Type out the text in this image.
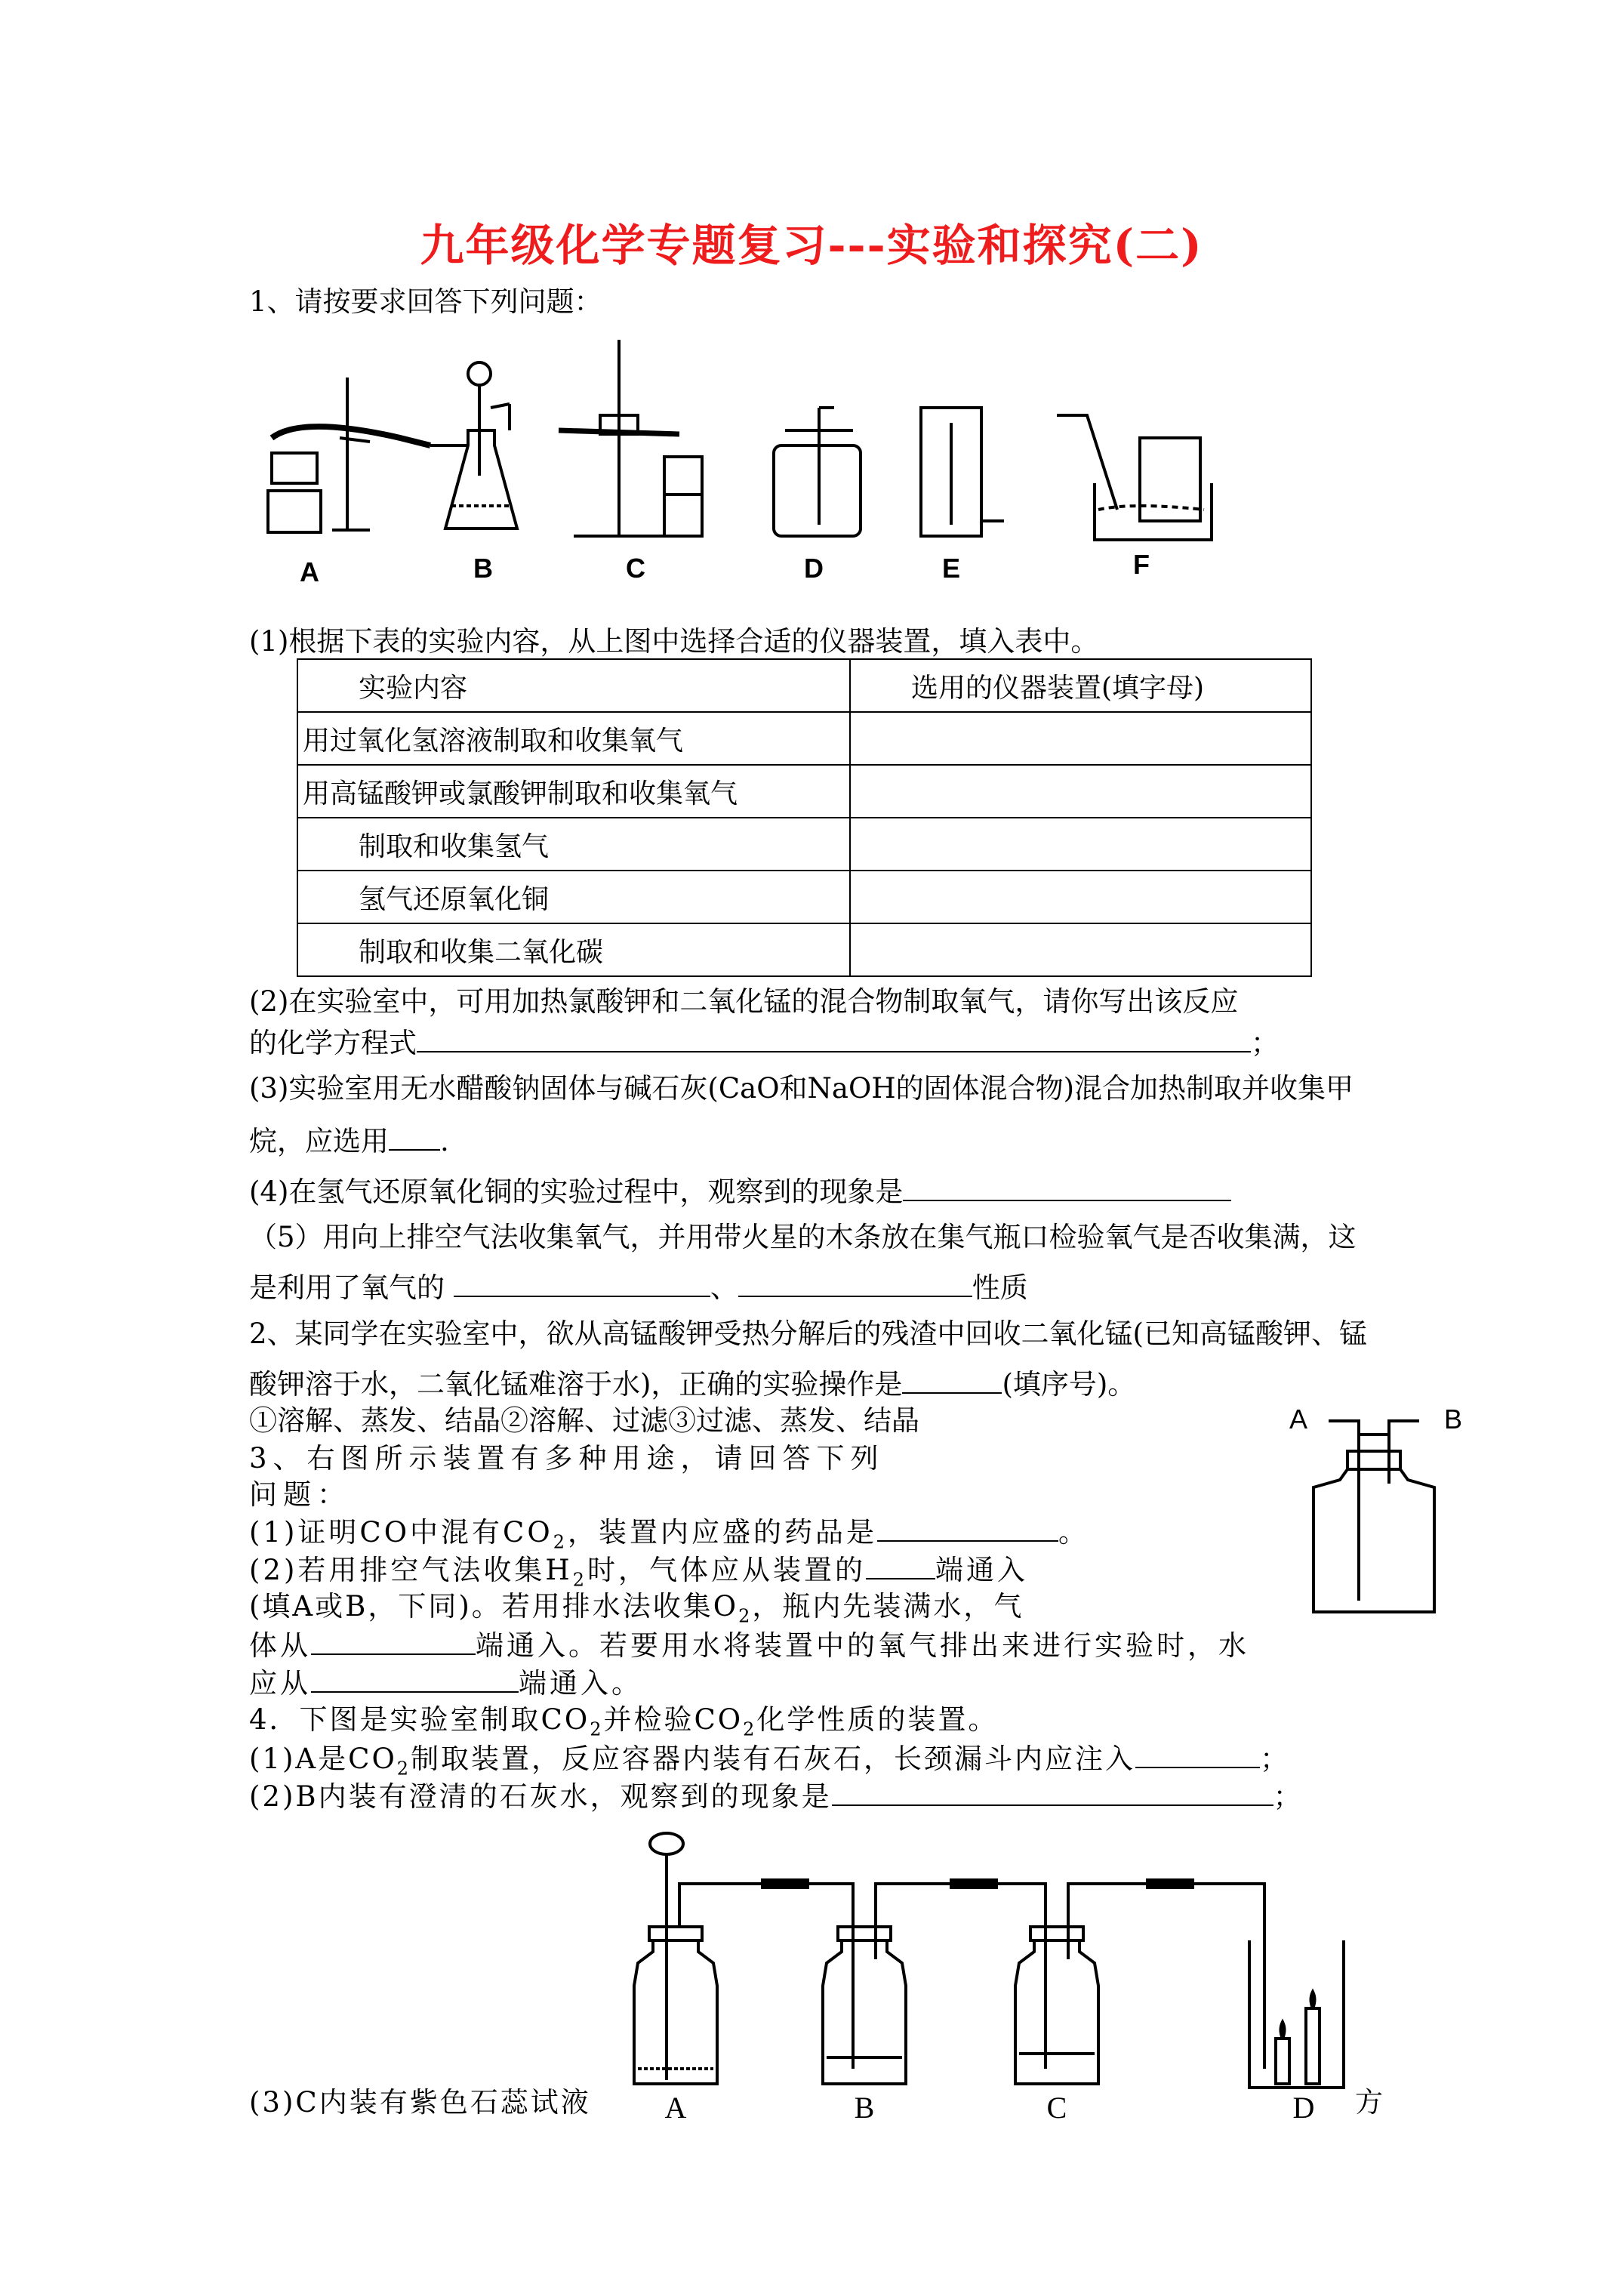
九年级化学专题复习---实验和探究(二)
1、请按要求回答下列问题：
A	B	C	D	E	F
(1)根据下表的实验内容，从上图中选择合适的仪器装置，填入表中。
实验内容	选用的仪器装置(填字母)
用过氧化氢溶液制取和收集氧气	
用高锰酸钾或氯酸钾制取和收集氧气	
制取和收集氢气	
氢气还原氧化铜	
制取和收集二氧化碳	
(2)在实验室中，可用加热氯酸钾和二氧化锰的混合物制取氧气，请你写出该反应
的化学方程式	；
(3)实验室用无水醋酸钠固体与碱石灰(CaO和NaOH的固体混合物)混合加热制取并收集甲
烷，应选用 .
(4)在氢气还原氧化铜的实验过程中，观察到的现象是
（5）用向上排空气法收集氧气，并用带火星的木条放在集气瓶口检验氧气是否收集满，这
是利用了氧气的	、	性质
2、某同学在实验室中，欲从高锰酸钾受热分解后的残渣中回收二氧化锰(已知高锰酸钾、锰
酸钾溶于水，二氧化锰难溶于水)，正确的实验操作是	(填序号)。
①溶解、蒸发、结晶②溶解、过滤③过滤、蒸发、结晶	A	B
3、右图所示装置有多种用途，请回答下列
问题：
(1)证明CO中混有$CO_2$，装置内应盛的药品是	。
(2)若用排空气法收集$H_2$时，气体应从装置的 端通入
(填A或B，下同)。若用排水法收集$O_2$，瓶内先装满水，气
体从	端通入。若要用水将装置中的氧气排出来进行实验时，水
应从	端通入。
4．下图是实验室制取$CO_2$并检验$CO_2$化学性质的装置。
(1)A是$CO_2$制取装置，反应容器内装有石灰石，长颈漏斗内应注入	；
(2)B内装有澄清的石灰水，观察到的现象是	；
A	B	C	D
(3)C内装有紫色石蕊试液	方
